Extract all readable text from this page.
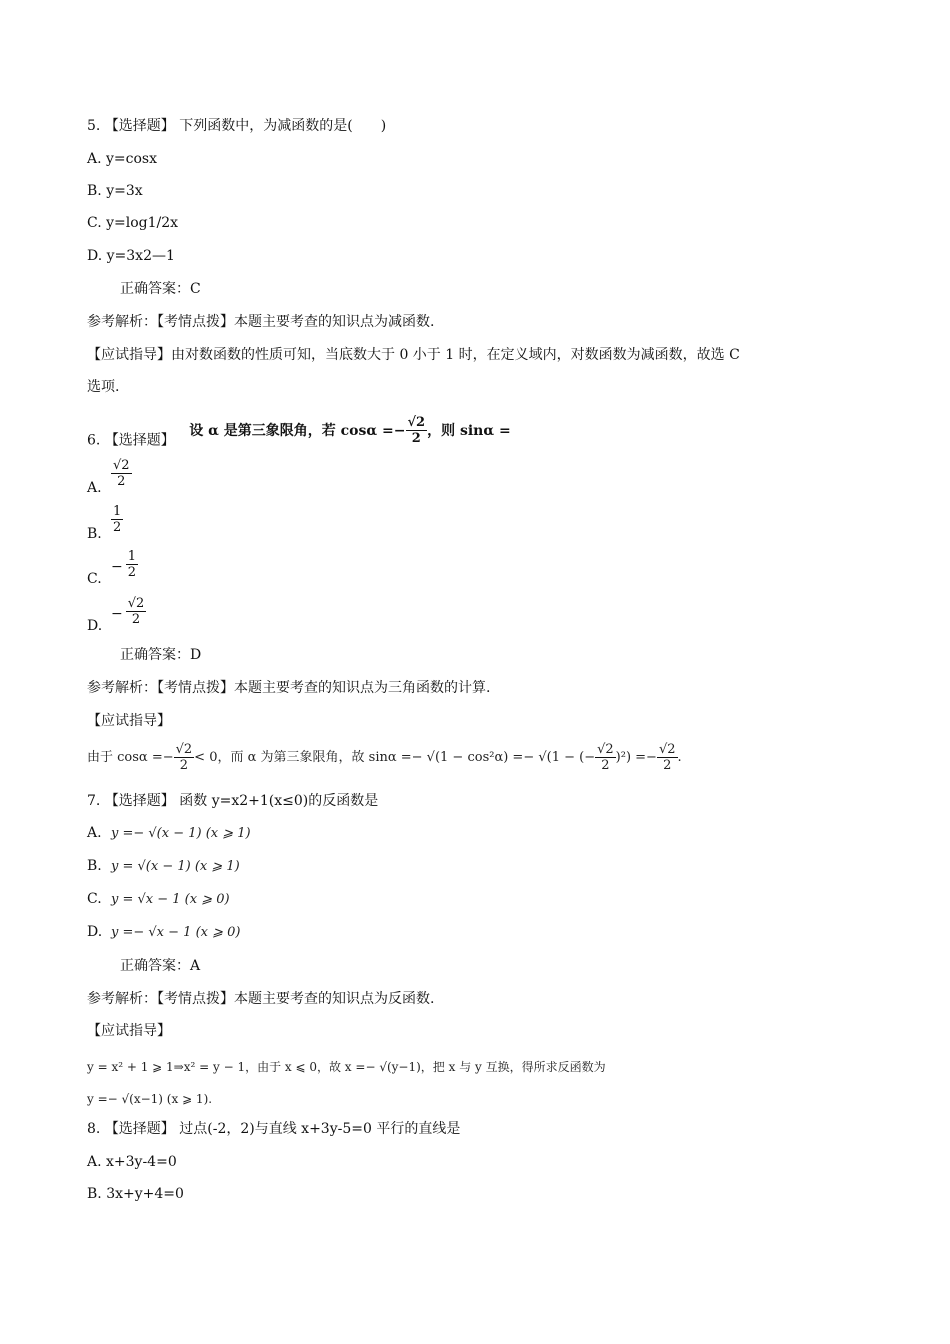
5. 【选择题】 下列函数中，为减函数的是(　　)
A. y=cosx
B. y=3x
C. y=log1/2x
D. y=3x2—1
正确答案：C
参考解析：【考情点拨】本题主要考查的知识点为减函数.
【应试指导】由对数函数的性质可知，当底数大于 0 小于 1 时，在定义域内，对数函数为减函数，故选 C
选项.
6. 【选择题】 设 α 是第三象限角，若 $\cos\alpha =- \frac{√2}{2}$ ，则 sinα =
A. $\frac{√2}{2}$
B. $\frac{1}{2}$
$C.- \frac{1}{2}$
$D.- \frac{√2}{2}$
正确答案：D
参考解析：【考情点拨】本题主要考查的知识点为三角函数的计算.
【应试指导】
由于 $\cos\alpha =- \frac{√2}{2} < 0$，而 α 为第三象限角，故 sinα =− √(1 − cos²α) =− √(1 − (− $\frac{√2}{2} )^2) =- \frac{√2}{2}$ .
7. 【选择题】 函数 y=x2+1(x≤0)的反函数是
A. y =− √(x − 1) (x ⩾ 1)
B. y = √(x − 1) (x ⩾ 1)
C. y = √x − 1 (x ⩾ 0)
D. y =− √x − 1 (x ⩾ 0)
正确答案：A
参考解析：【考情点拨】本题主要考查的知识点为反函数.
【应试指导】
y = x² + 1 ⩾ 1⇒x² = y − 1，由于 x ⩽ 0，故 x =− √(y−1)，把 x 与 y 互换，得所求反函数为
y =− √(x−1) (x ⩾ 1).
8. 【选择题】 过点(-2，2)与直线 x+3y-5=0 平行的直线是
A. x+3y-4=0
B. 3x+y+4=0
